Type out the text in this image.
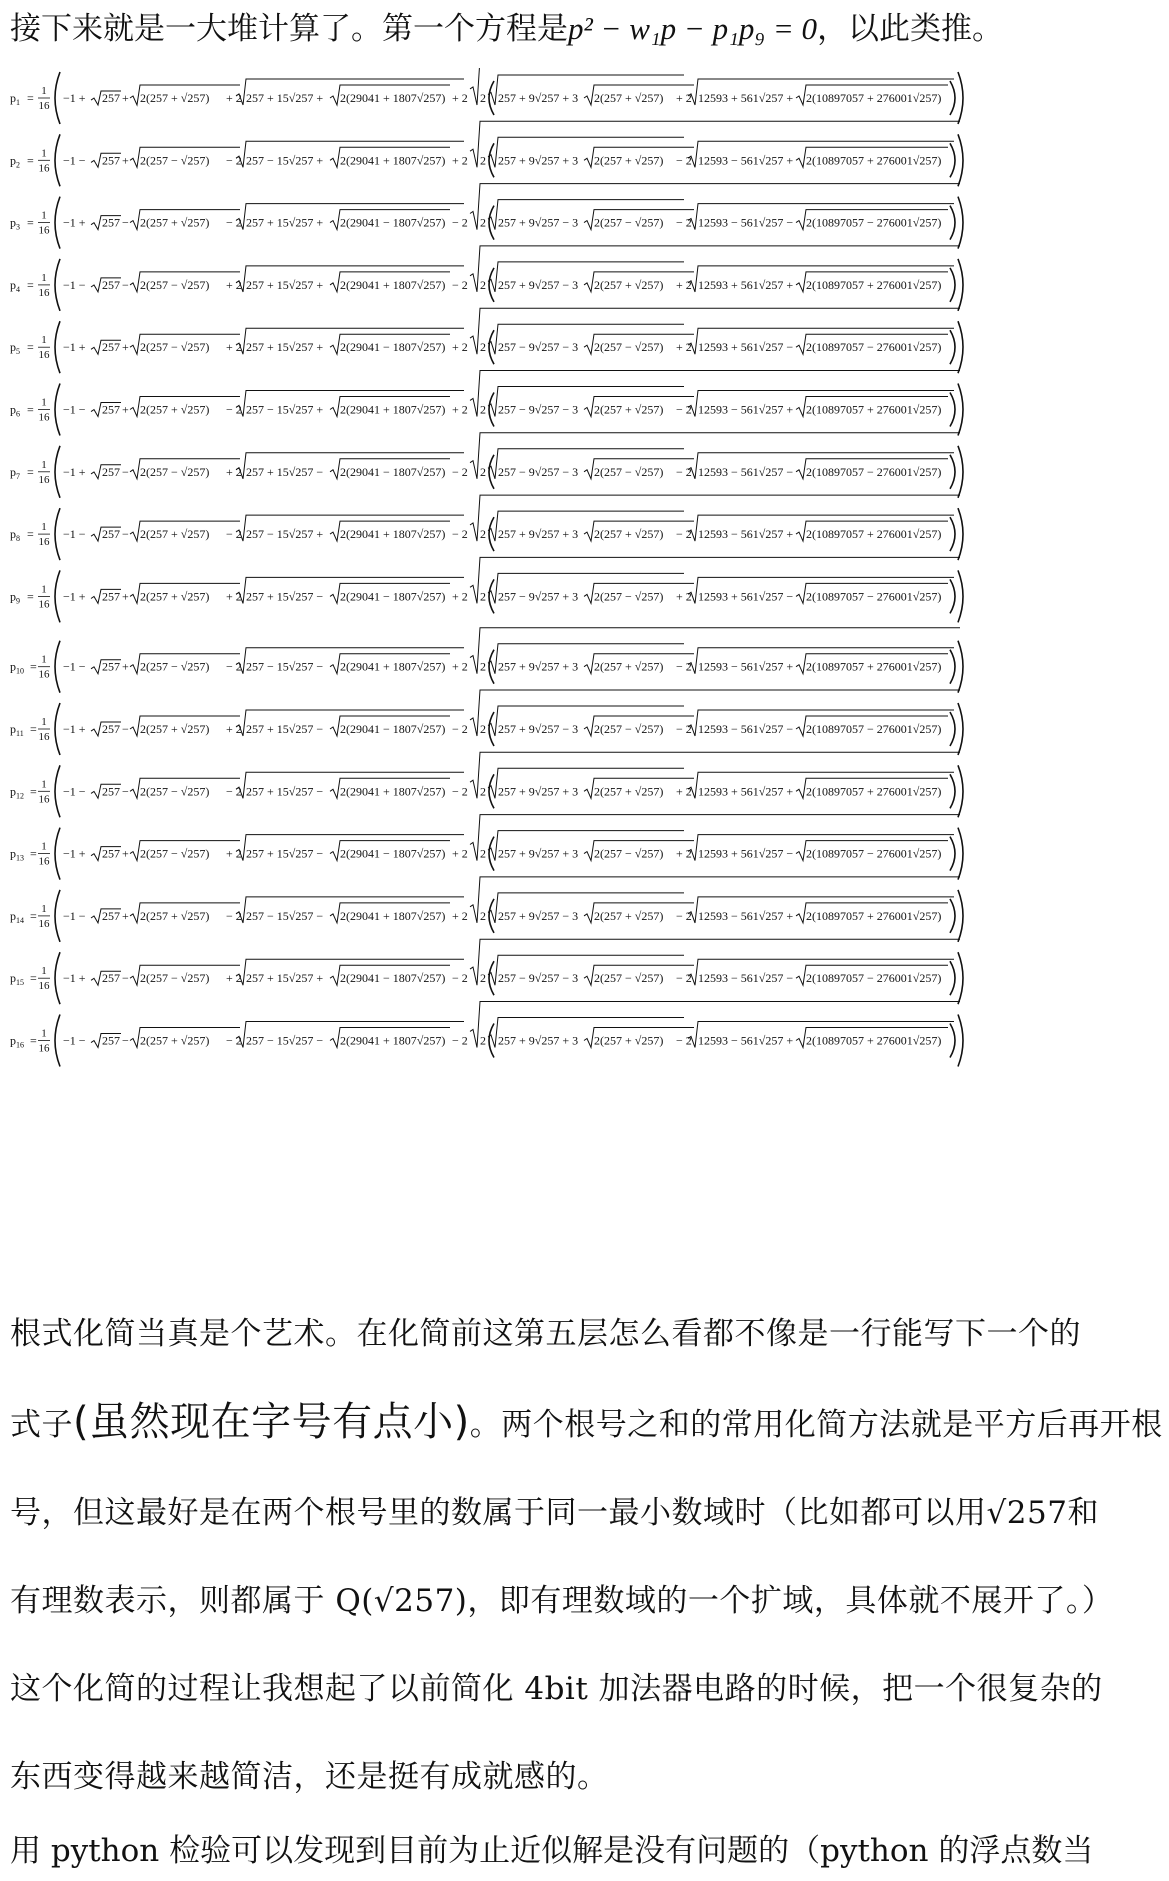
接下来就是一大堆计算了。第一个方程是p² − w₁p − p₁p₉ = 0，以此类推。
$p_1 = 1$
16
−1 + 257 + 2(257 + √257) + 2 257 + 15√257 + 2(29041 + 1807√257) + 2 2 257 + 9√257 + 3 2(257 + √257) + 2 12593 + 561√257 + 2(10897057 + 276001√257)
$p_2 = 1$
16
−1 − 257 + 2(257 − √257) − 2 257 − 15√257 + 2(29041 + 1807√257) + 2 2 257 + 9√257 + 3 2(257 + √257) − 2 12593 − 561√257 + 2(10897057 + 276001√257)
$p_3 = 1$
16
−1 + 257 − 2(257 + √257) − 2 257 + 15√257 + 2(29041 − 1807√257) − 2 2 257 + 9√257 − 3 2(257 − √257) − 2 12593 − 561√257 − 2(10897057 − 276001√257)
$p_4 = 1$
16
−1 − 257 − 2(257 − √257) + 2 257 + 15√257 + 2(29041 + 1807√257) − 2 2 257 + 9√257 − 3 2(257 + √257) + 2 12593 + 561√257 + 2(10897057 + 276001√257)
$p_5 = 1$
16
−1 + 257 + 2(257 − √257) + 2 257 + 15√257 + 2(29041 − 1807√257) + 2 2 257 − 9√257 − 3 2(257 − √257) + 2 12593 + 561√257 − 2(10897057 − 276001√257)
$p_6 = 1$
16
−1 − 257 + 2(257 + √257) − 2 257 − 15√257 + 2(29041 + 1807√257) + 2 2 257 − 9√257 − 3 2(257 + √257) − 2 12593 − 561√257 + 2(10897057 + 276001√257)
$p_7 = 1$
16
−1 + 257 − 2(257 − √257) + 2 257 + 15√257 − 2(29041 − 1807√257) − 2 2 257 − 9√257 − 3 2(257 − √257) − 2 12593 − 561√257 − 2(10897057 − 276001√257)
$p_8 = 1$
16
−1 − 257 − 2(257 + √257) − 2 257 − 15√257 + 2(29041 + 1807√257) − 2 2 257 + 9√257 + 3 2(257 + √257) − 2 12593 − 561√257 + 2(10897057 + 276001√257)
$p_9 = 1$
16
−1 + 257 + 2(257 + √257) + 2 257 + 15√257 − 2(29041 − 1807√257) + 2 2 257 − 9√257 + 3 2(257 − √257) + 2 12593 + 561√257 − 2(10897057 − 276001√257)
$p_{10} = 1$
16
−1 − 257 + 2(257 − √257) − 2 257 − 15√257 − 2(29041 + 1807√257) + 2 2 257 + 9√257 + 3 2(257 + √257) − 2 12593 − 561√257 + 2(10897057 + 276001√257)
$p_{11} = 1$
16
−1 + 257 − 2(257 + √257) + 2 257 + 15√257 − 2(29041 − 1807√257) − 2 2 257 + 9√257 − 3 2(257 − √257) − 2 12593 − 561√257 − 2(10897057 − 276001√257)
$p_{12} = 1$
16
−1 − 257 − 2(257 − √257) − 2 257 + 15√257 − 2(29041 + 1807√257) − 2 2 257 + 9√257 + 3 2(257 + √257) + 2 12593 + 561√257 + 2(10897057 + 276001√257)
$p_{13} = 1$
16
−1 + 257 + 2(257 − √257) + 2 257 + 15√257 − 2(29041 − 1807√257) + 2 2 257 + 9√257 + 3 2(257 − √257) + 2 12593 + 561√257 − 2(10897057 − 276001√257)
$p_{14} = 1$
16
−1 − 257 + 2(257 + √257) − 2 257 − 15√257 − 2(29041 + 1807√257) + 2 2 257 + 9√257 − 3 2(257 + √257) − 2 12593 − 561√257 + 2(10897057 + 276001√257)
$p_{15} = 1$
16
−1 + 257 − 2(257 − √257) + 2 257 + 15√257 + 2(29041 − 1807√257) − 2 2 257 − 9√257 − 3 2(257 − √257) − 2 12593 − 561√257 − 2(10897057 − 276001√257)
$p_{16} = 1$
16
−1 − 257 − 2(257 + √257) − 2 257 − 15√257 − 2(29041 + 1807√257) − 2 2 257 + 9√257 + 3 2(257 + √257) − 2 12593 − 561√257 + 2(10897057 + 276001√257)

根式化简当真是个艺术。在化简前这第五层怎么看都不像是一行能写下一个的

式子(虽然现在字号有点小)。两个根号之和的常用化简方法就是平方后再开根

号，但这最好是在两个根号里的数属于同一最小数域时（比如都可以用√257和

有理数表示，则都属于 Q(√257)，即有理数域的一个扩域，具体就不展开了。）

这个化简的过程让我想起了以前简化 4bit 加法器电路的时候，把一个很复杂的

东西变得越来越简洁，还是挺有成就感的。

用 python 检验可以发现到目前为止近似解是没有问题的（python 的浮点数当
